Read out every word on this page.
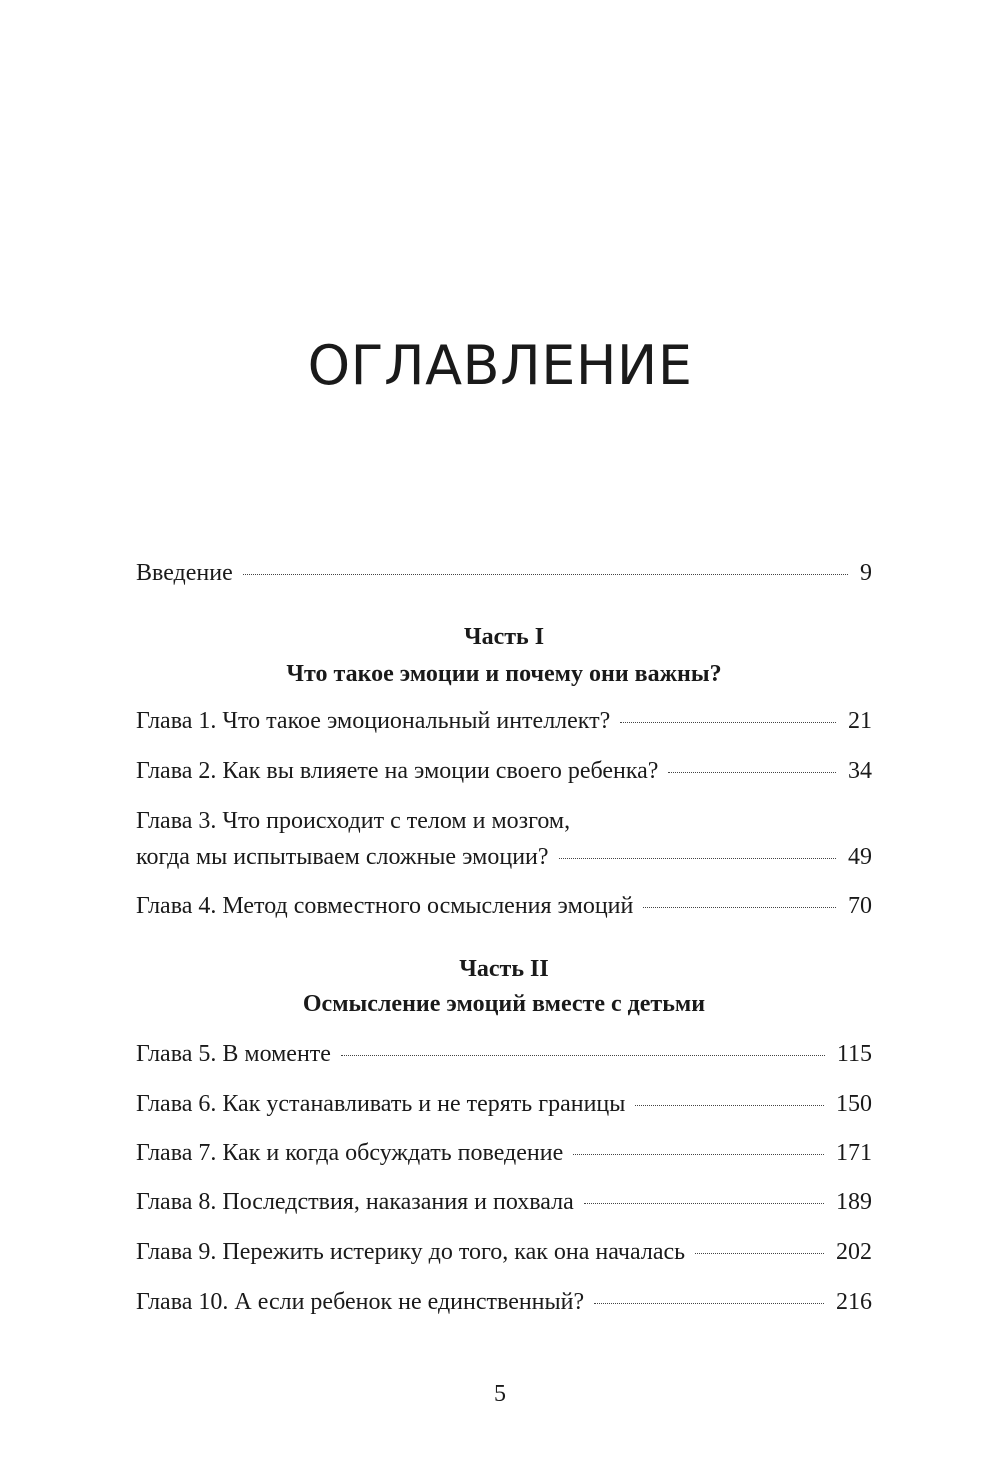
ОГЛАВЛЕНИЕ
Введение	9
Часть I
Что такое эмоции и почему они важны?
Глава 1. Что такое эмоциональный интеллект?	21
Глава 2. Как вы влияете на эмоции своего ребенка?	34
Глава 3. Что происходит с телом и мозгом,
когда мы испытываем сложные эмоции?	49
Глава 4. Метод совместного осмысления эмоций	70
Часть II
Осмысление эмоций вместе с детьми
Глава 5. В моменте	115
Глава 6. Как устанавливать и не терять границы	150
Глава 7. Как и когда обсуждать поведение	171
Глава 8. Последствия, наказания и похвала	189
Глава 9. Пережить истерику до того, как она началась	202
Глава 10. А если ребенок не единственный?	216
5
